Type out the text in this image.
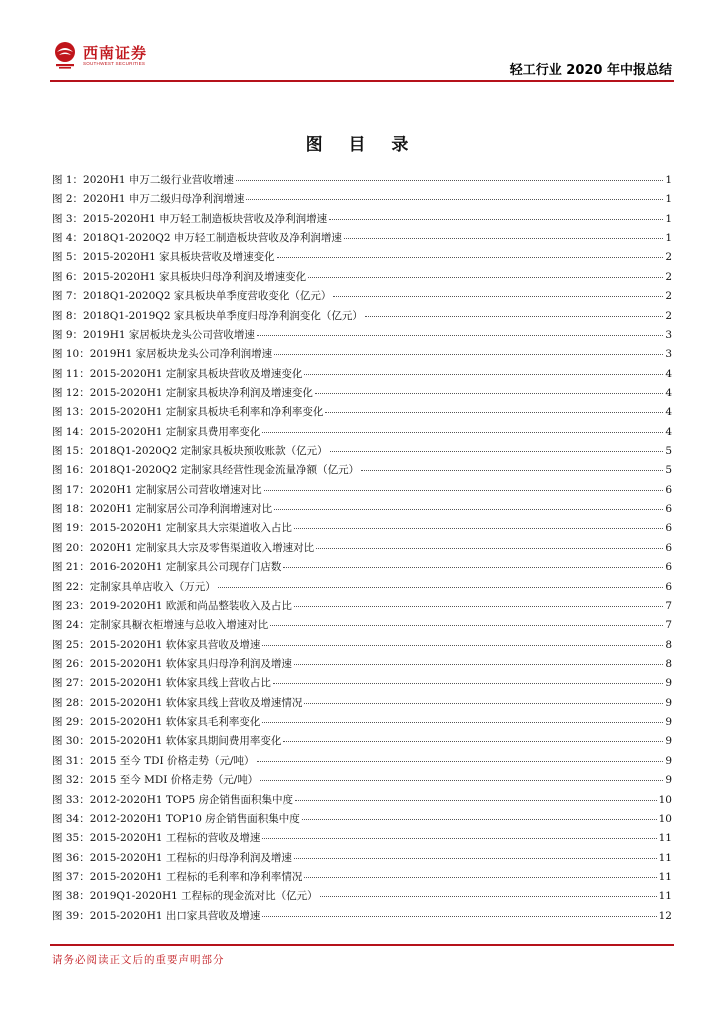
西南证券
SOUTHWEST SECURITIES	轻工行业 2020 年中报总结
图 目 录
图 1：2020H1 申万二级行业营收增速	1
图 2：2020H1 申万二级归母净利润增速	1
图 3：2015-2020H1 申万轻工制造板块营收及净利润增速	1
图 4：2018Q1-2020Q2 申万轻工制造板块营收及净利润增速	1
图 5：2015-2020H1 家具板块营收及增速变化	2
图 6：2015-2020H1 家具板块归母净利润及增速变化	2
图 7：2018Q1-2020Q2 家具板块单季度营收变化（亿元）	2
图 8：2018Q1-2019Q2 家具板块单季度归母净利润变化（亿元）	2
图 9：2019H1 家居板块龙头公司营收增速	3
图 10：2019H1 家居板块龙头公司净利润增速	3
图 11：2015-2020H1 定制家具板块营收及增速变化	4
图 12：2015-2020H1 定制家具板块净利润及增速变化	4
图 13：2015-2020H1 定制家具板块毛利率和净利率变化	4
图 14：2015-2020H1 定制家具费用率变化	4
图 15：2018Q1-2020Q2 定制家具板块预收账款（亿元）	5
图 16：2018Q1-2020Q2 定制家具经营性现金流量净额（亿元）	5
图 17：2020H1 定制家居公司营收增速对比	6
图 18：2020H1 定制家居公司净利润增速对比	6
图 19：2015-2020H1 定制家具大宗渠道收入占比	6
图 20：2020H1 定制家具大宗及零售渠道收入增速对比	6
图 21：2016-2020H1 定制家具公司现存门店数	6
图 22：定制家具单店收入（万元）	6
图 23：2019-2020H1 欧派和尚品整装收入及占比	7
图 24：定制家具橱衣柜增速与总收入增速对比	7
图 25：2015-2020H1 软体家具营收及增速	8
图 26：2015-2020H1 软体家具归母净利润及增速	8
图 27：2015-2020H1 软体家具线上营收占比	9
图 28：2015-2020H1 软体家具线上营收及增速情况	9
图 29：2015-2020H1 软体家具毛利率变化	9
图 30：2015-2020H1 软体家具期间费用率变化	9
图 31：2015 至今 TDI 价格走势（元/吨）	9
图 32：2015 至今 MDI 价格走势（元/吨）	9
图 33：2012-2020H1 TOP5 房企销售面积集中度	10
图 34：2012-2020H1 TOP10 房企销售面积集中度	10
图 35：2015-2020H1 工程标的营收及增速	11
图 36：2015-2020H1 工程标的归母净利润及增速	11
图 37：2015-2020H1 工程标的毛利率和净利率情况	11
图 38：2019Q1-2020H1 工程标的现金流对比（亿元）	11
图 39：2015-2020H1 出口家具营收及增速	12
请务必阅读正文后的重要声明部分
